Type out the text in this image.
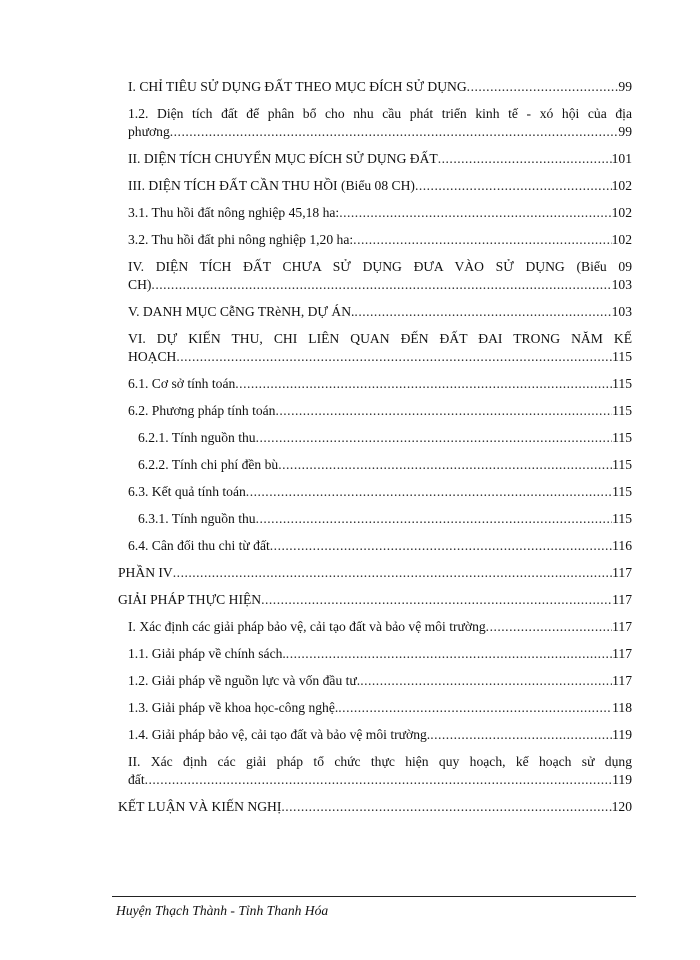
I. CHỈ TIÊU SỬ DỤNG ĐẤT THEO MỤC ĐÍCH SỬ DỤNG .....	99
1.2. Diện tích đất để phân bổ cho nhu cầu phát triển kinh tế - xó hội của địa
phương .....	99
II. DIỆN TÍCH CHUYỂN MỤC ĐÍCH SỬ DỤNG ĐẤT .....	101
III. DIỆN TÍCH ĐẤT CẦN THU HỒI (Biểu 08 CH) .....	102
3.1. Thu hồi đất nông nghiệp 45,18 ha: .....	102
3.2. Thu hồi đất phi nông nghiệp 1,20 ha: .....	102
IV. DIỆN TÍCH ĐẤT CHƯA SỬ DỤNG ĐƯA VÀO SỬ DỤNG (Biểu 09
CH) .....	103
V. DANH MỤC CễNG TRèNH, DỰ ÁN. .....	103
VI. DỰ KIẾN THU, CHI LIÊN QUAN ĐẾN ĐẤT ĐAI TRONG NĂM KẾ
HOẠCH .....	115
6.1. Cơ sở tính toán .....	115
6.2. Phương pháp tính toán .....	115
6.2.1. Tính nguồn thu .....	115
6.2.2. Tính chi phí đền bù .....	115
6.3. Kết quả tính toán .....	115
6.3.1. Tính nguồn thu .....	115
6.4. Cân đối thu chi từ đất .....	116
PHẦN IV .....	117
GIẢI PHÁP THỰC HIỆN .....	117
I. Xác định các giải pháp bảo vệ, cải tạo đất và bảo vệ môi trường .....	117
1.1. Giải pháp về chính sách. .....	117
1.2. Giải pháp về nguồn lực và vốn đầu tư. .....	117
1.3. Giải pháp về khoa học-công nghệ. .....	118
1.4. Giải pháp bảo vệ, cải tạo đất và bảo vệ môi trường. .....	119
II. Xác định các giải pháp tổ chức thực hiện quy hoạch, kế hoạch sử dụng
đất .....	119
KẾT LUẬN VÀ KIẾN NGHỊ .....	120
Huyện Thạch Thành - Tỉnh Thanh Hóa
